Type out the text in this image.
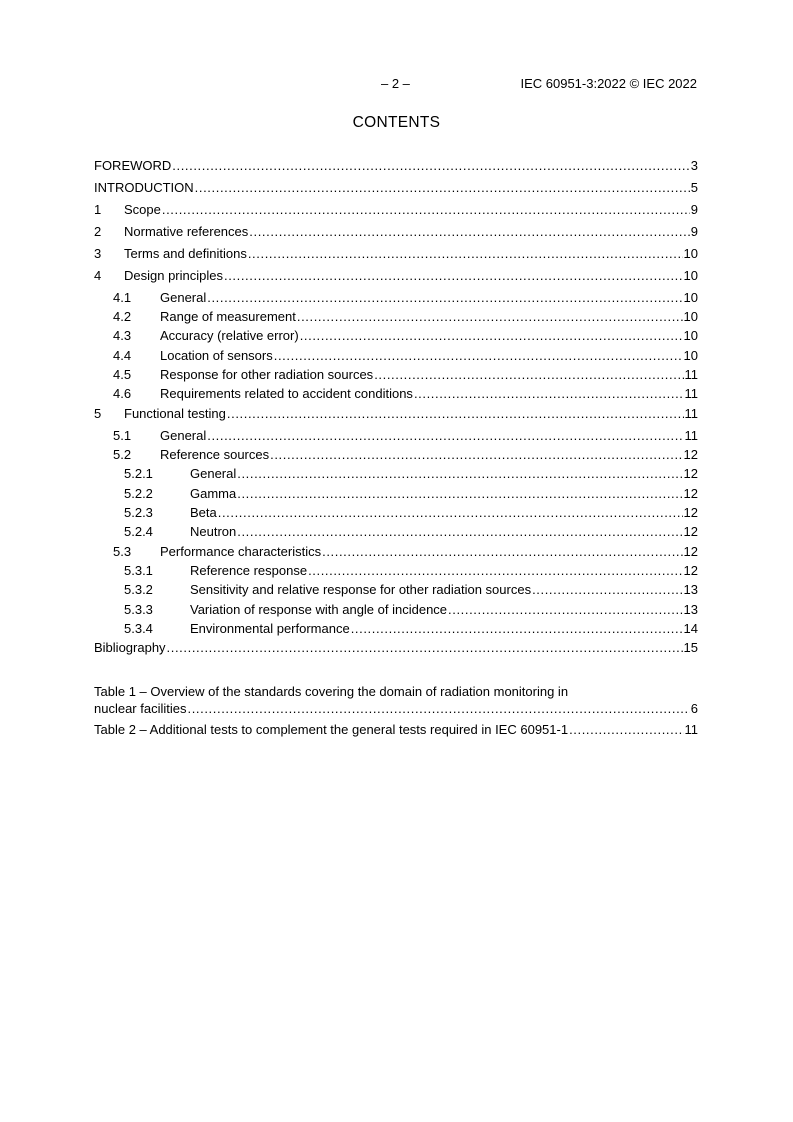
– 2 –	IEC 60951-3:2022 © IEC 2022
CONTENTS
FOREWORD .....	3
INTRODUCTION .....	5
1	Scope .....	9
2	Normative references .....	9
3	Terms and definitions .....	10
4	Design principles .....	10
4.1	General .....	10
4.2	Range of measurement .....	10
4.3	Accuracy (relative error) .....	10
4.4	Location of sensors .....	10
4.5	Response for other radiation sources .....	11
4.6	Requirements related to accident conditions .....	11
5	Functional testing .....	11
5.1	General .....	11
5.2	Reference sources .....	12
5.2.1	General .....	12
5.2.2	Gamma .....	12
5.2.3	Beta .....	12
5.2.4	Neutron .....	12
5.3	Performance characteristics .....	12
5.3.1	Reference response .....	12
5.3.2	Sensitivity and relative response for other radiation sources .....	13
5.3.3	Variation of response with angle of incidence .....	13
5.3.4	Environmental performance .....	14
Bibliography .....	15
Table 1 – Overview of the standards covering the domain of radiation monitoring in
nuclear facilities .....	6
Table 2 – Additional tests to complement the general tests required in IEC 60951-1 .....	11
